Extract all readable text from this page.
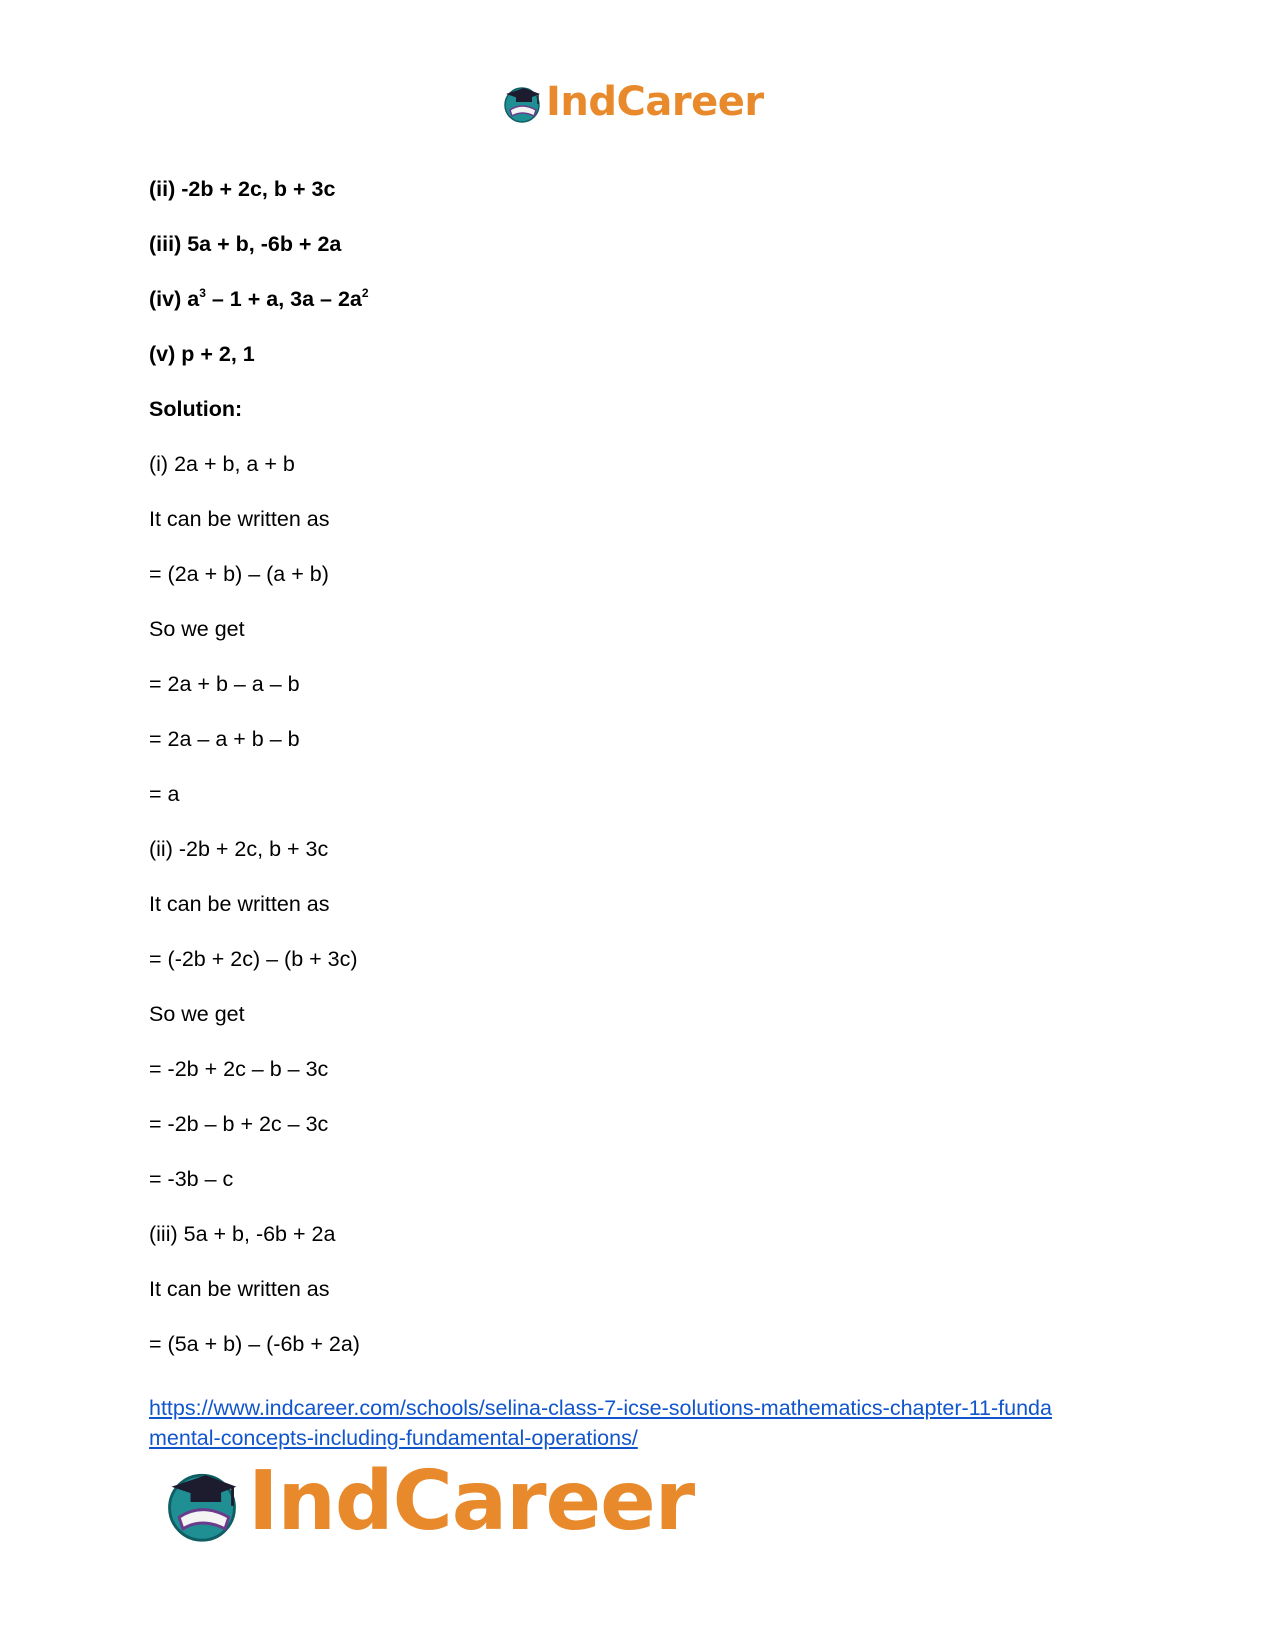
IndCareer
(ii) -2b + 2c, b + 3c
(iii) 5a + b, -6b + 2a
(iv) $a^3 - 1 + a$, $3a - 2a^2$
(v) p + 2, 1
Solution:
(i) 2a + b, a + b
It can be written as
= (2a + b) – (a + b)
So we get
= 2a + b – a – b
= 2a – a + b – b
= a
(ii) -2b + 2c, b + 3c
It can be written as
= (-2b + 2c) – (b + 3c)
So we get
= -2b + 2c – b – 3c
= -2b – b + 2c – 3c
= -3b – c
(iii) 5a + b, -6b + 2a
It can be written as
= (5a + b) – (-6b + 2a)
https://www.indcareer.com/schools/selina-class-7-icse-solutions-mathematics-chapter-11-funda
mental-concepts-including-fundamental-operations/
IndCareer
